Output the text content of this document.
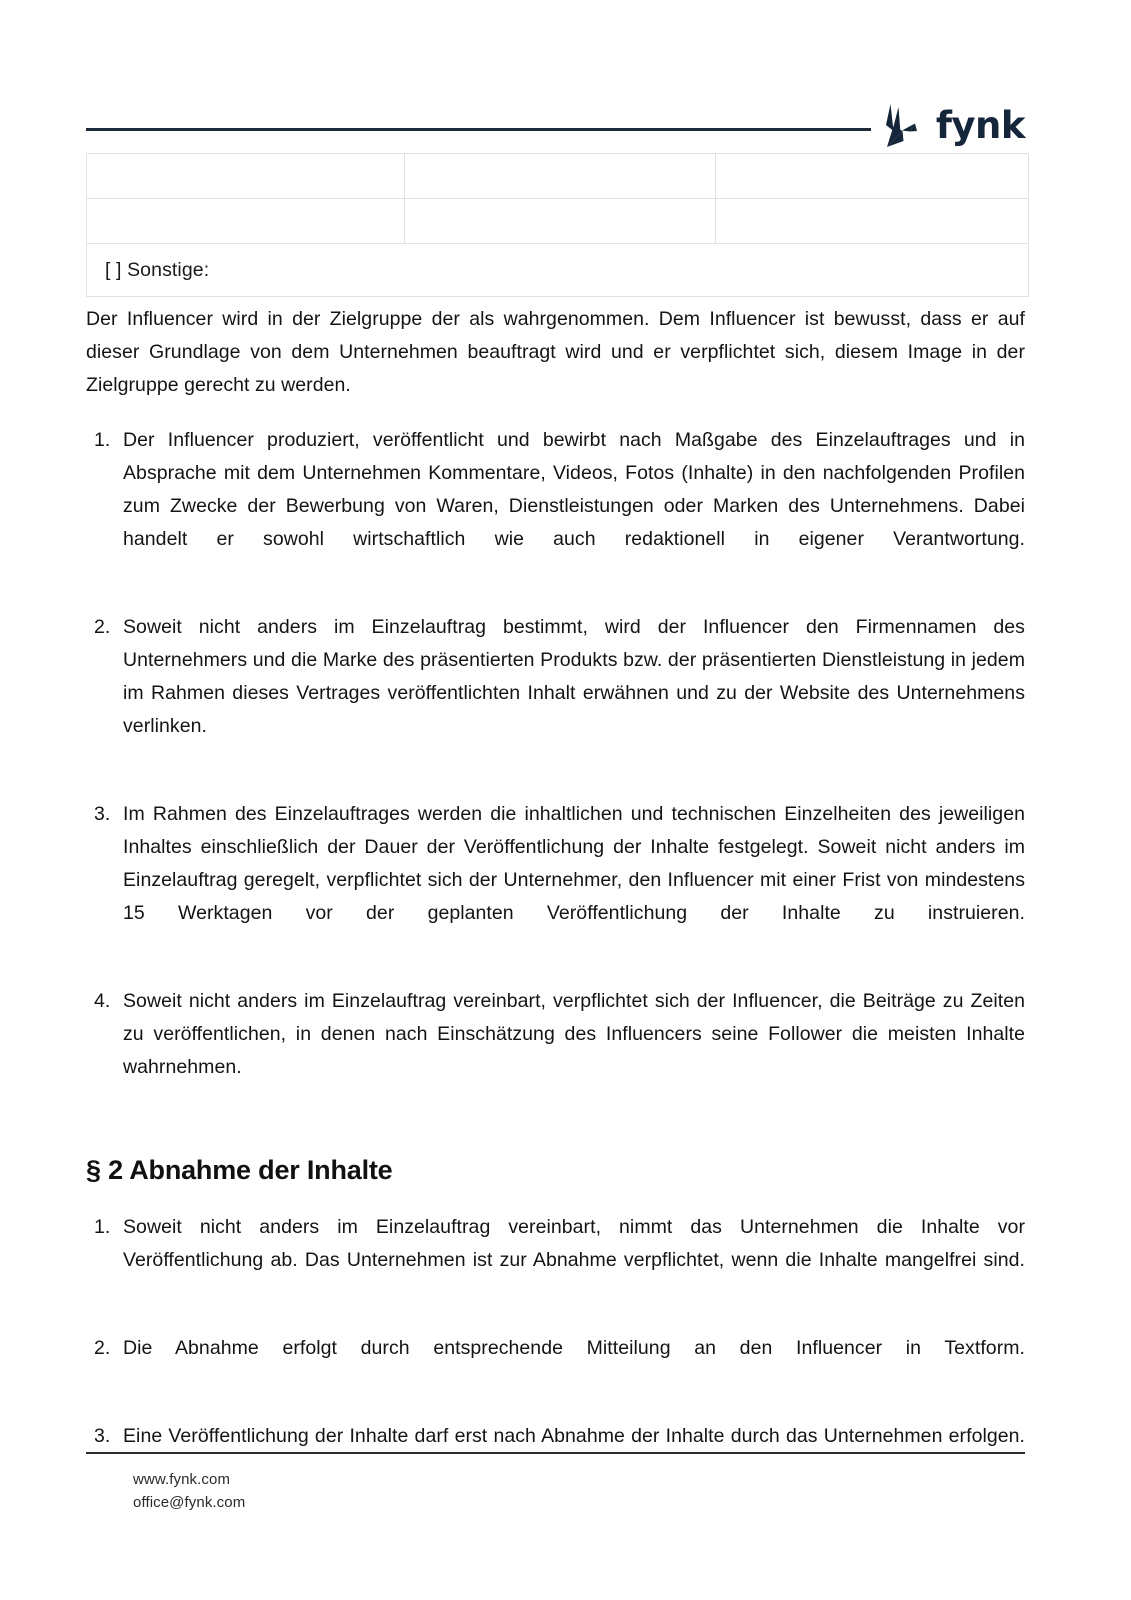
fynk

[ ] Sonstige:		

Der Influencer wird in der Zielgruppe der als wahrgenommen. Dem Influencer ist bewusst, dass er auf dieser Grundlage von dem Unternehmen beauftragt wird und er verpflichtet sich, diesem Image in der Zielgruppe gerecht zu werden.

Der Influencer produziert, veröffentlicht und bewirbt nach Maßgabe des Einzelauftrages und in Absprache mit dem Unternehmen Kommentare, Videos, Fotos (Inhalte) in den nachfolgenden Profilen zum Zwecke der Bewerbung von Waren, Dienstleistungen oder Marken des Unternehmens. Dabei handelt er sowohl wirtschaftlich wie auch redaktionell in eigener Verantwortung.
Soweit nicht anders im Einzelauftrag bestimmt, wird der Influencer den Firmennamen des Unternehmers und die Marke des präsentierten Produkts bzw. der präsentierten Dienstleistung in jedem im Rahmen dieses Vertrages veröffentlichten Inhalt erwähnen und zu der Website des Unternehmens verlinken.
Im Rahmen des Einzelauftrages werden die inhaltlichen und technischen Einzelheiten des jeweiligen Inhaltes einschließlich der Dauer der Veröffentlichung der Inhalte festgelegt. Soweit nicht anders im Einzelauftrag geregelt, verpflichtet sich der Unternehmer, den Influencer mit einer Frist von mindestens 15 Werktagen vor der geplanten Veröffentlichung der Inhalte zu instruieren.
Soweit nicht anders im Einzelauftrag vereinbart, verpflichtet sich der Influencer, die Beiträge zu Zeiten zu veröffentlichen, in denen nach Einschätzung des Influencers seine Follower die meisten Inhalte wahrnehmen.
§ 2 Abnahme der Inhalte
Soweit nicht anders im Einzelauftrag vereinbart, nimmt das Unternehmen die Inhalte vor Veröffentlichung ab. Das Unternehmen ist zur Abnahme verpflichtet, wenn die Inhalte mangelfrei sind.
Die Abnahme erfolgt durch entsprechende Mitteilung an den Influencer in Textform.
Eine Veröffentlichung der Inhalte darf erst nach Abnahme der Inhalte durch das Unternehmen erfolgen.
www.fynk.com
office@fynk.com
